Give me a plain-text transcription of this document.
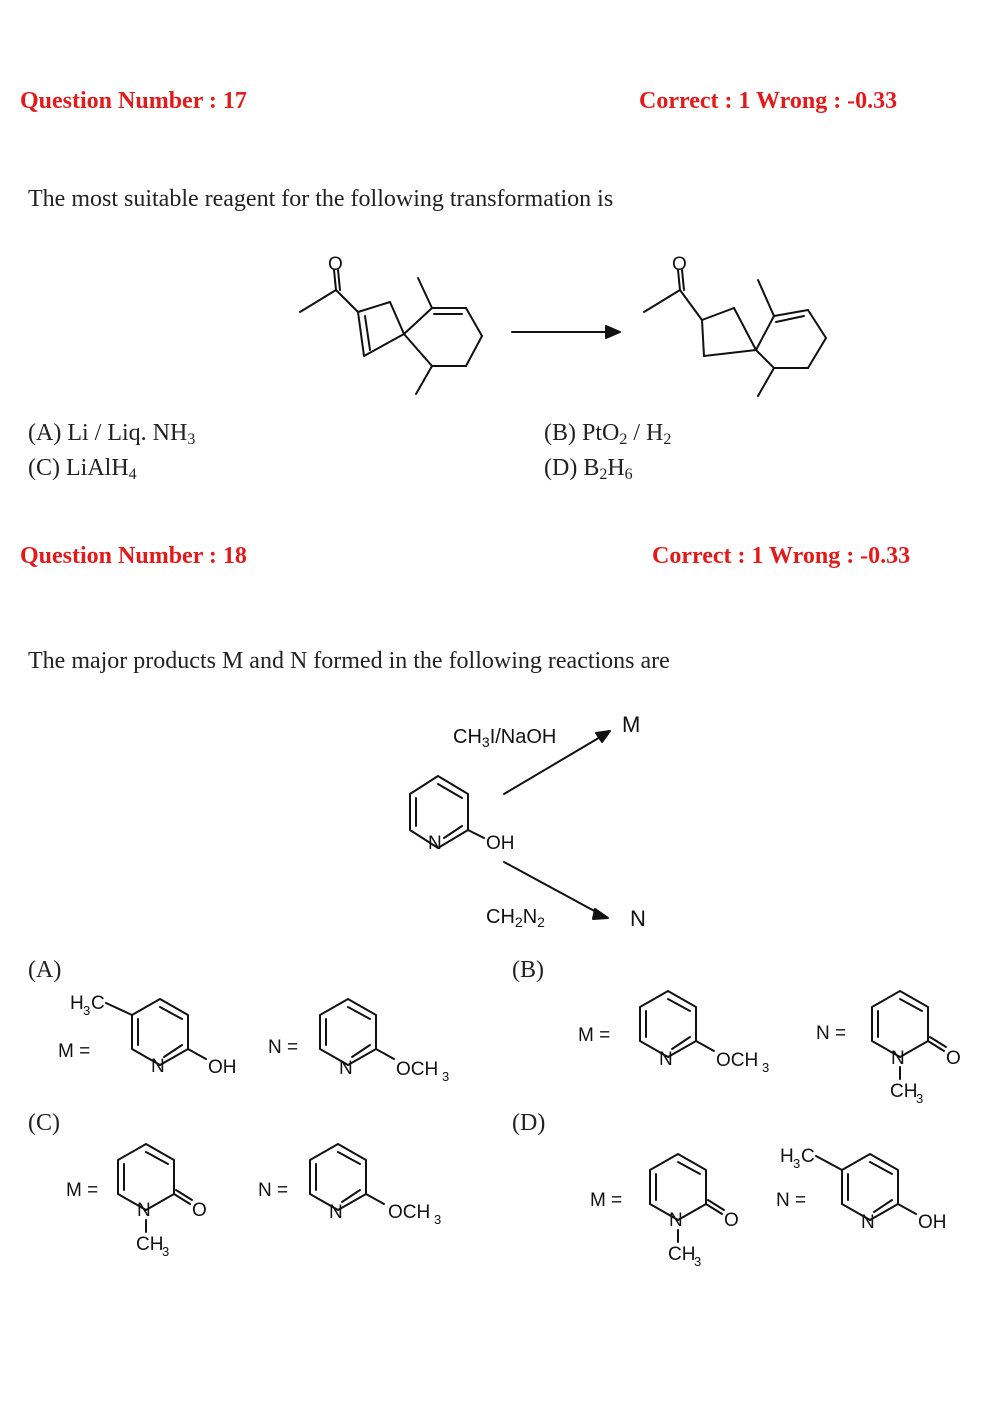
Question Number : 17	Correct : 1 Wrong : -0.33
The most suitable reagent for the following transformation is
O	O
(A) Li / Liq. $NH_3$	(B) $PtO_2 / H_2$
(C) LiAlH$_4$	(D) $B_2H_6$
Question Number : 18	Correct : 1 Wrong : -0.33
The major products M and N formed in the following reactions are
$CH_3I$/NaOH	M
$CH_2N_2$	N
N OH
(A)	(B)
(C)	(D)
M =
H 3 C
N OH
N =
N OCH 3
M =
N OCH 3
N =
O
N
CH
3
M =
O
N
CH
3
N =
N OCH 3
M =
O
N
CH
3
N =
H 3 C
N OH
